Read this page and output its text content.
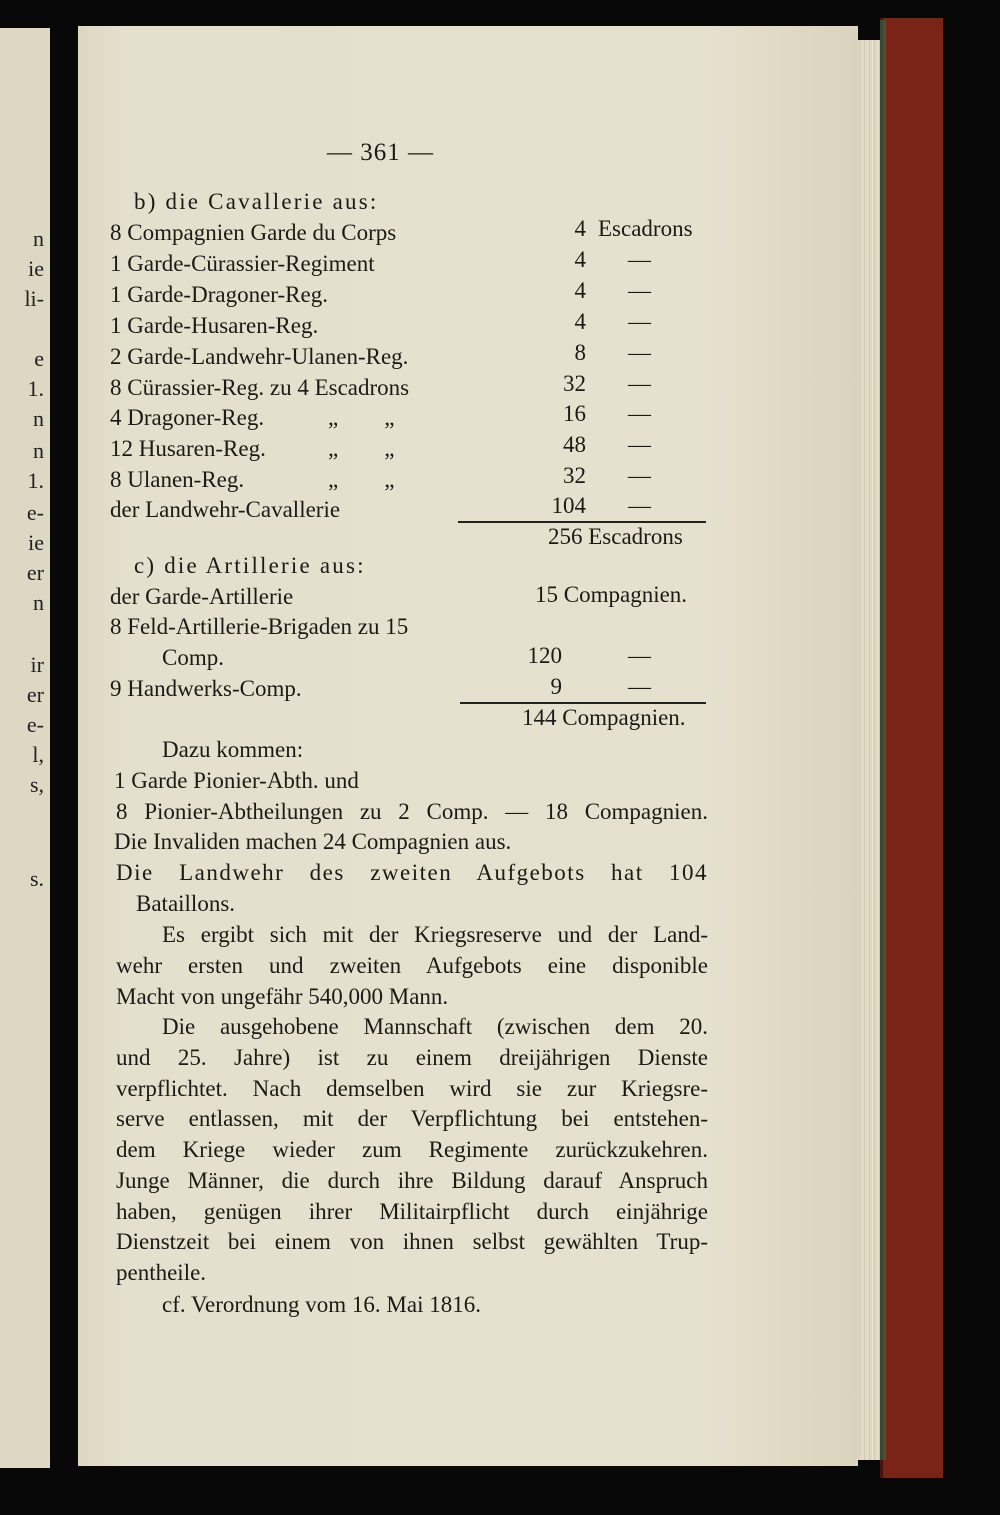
n
ie
li-
e
1.
n
n
1.
e-
ie
er
n
ir
er
e-
l,
s,
s.
— 361 —
b) die Cavallerie aus:
8 Compagnien Garde du Corps	4 Escadrons
1 Garde-Cürassier-Regiment	4 —
1 Garde-Dragoner-Reg.	4 —
1 Garde-Husaren-Reg.	4 —
2 Garde-Landwehr-Ulanen-Reg.	8 —
8 Cürassier-Reg. zu 4 Escadrons	32 —
4 Dragoner-Reg.	„        „	16 —
12 Husaren-Reg.	„        „	48 —
8 Ulanen-Reg.	„        „	32 —
der Landwehr-Cavallerie	104 —
256 Escadrons
c) die Artillerie aus:
der Garde-Artillerie	15 Compagnien.
8 Feld-Artillerie-Brigaden zu 15
Comp.	120	—
9 Handwerks-Comp.	9	—
144 Compagnien.
Dazu kommen:
1 Garde Pionier-Abth. und
8 Pionier-Abtheilungen zu 2 Comp. — 18 Compagnien.
Die Invaliden machen 24 Compagnien aus.
Die Landwehr des zweiten Aufgebots hat 104
Bataillons.
Es ergibt sich mit der Kriegsreserve und der Land-
wehr ersten und zweiten Aufgebots eine disponible
Macht von ungefähr 540,000 Mann.
Die ausgehobene Mannschaft (zwischen dem 20.
und 25. Jahre) ist zu einem dreijährigen Dienste
verpflichtet. Nach demselben wird sie zur Kriegsre-
serve entlassen, mit der Verpflichtung bei entstehen-
dem Kriege wieder zum Regimente zurückzukehren.
Junge Männer, die durch ihre Bildung darauf Anspruch
haben, genügen ihrer Militairpflicht durch einjährige
Dienstzeit bei einem von ihnen selbst gewählten Trup-
pentheile.
cf. Verordnung vom 16. Mai 1816.
